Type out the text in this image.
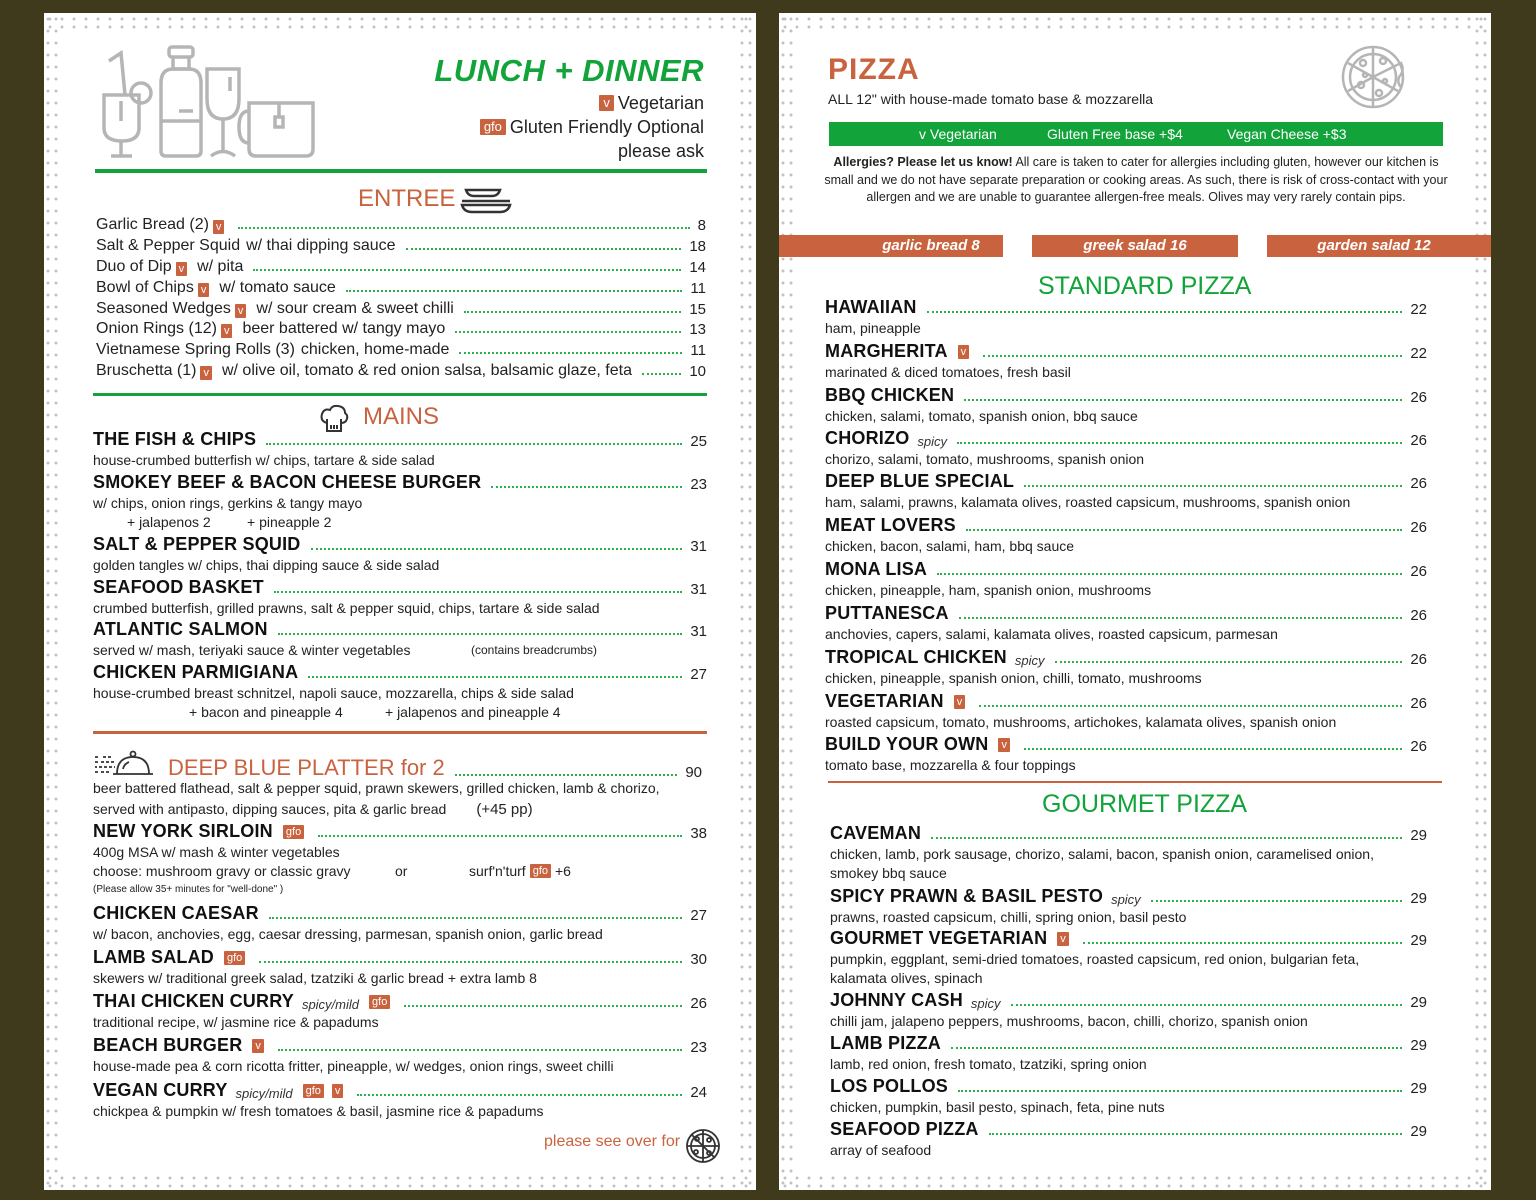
LUNCH + DINNER
v Vegetarian
gfo Gluten Friendly Optional
please ask
ENTREE
Garlic Bread (2) v	8
Salt & Pepper Squid w/ thai dipping sauce	18
Duo of Dip v w/ pita	14
Bowl of Chips v w/ tomato sauce	11
Seasoned Wedges v w/ sour cream & sweet chilli	15
Onion Rings (12) v beer battered w/ tangy mayo	13
Vietnamese Spring Rolls (3) chicken, home-made	11
Bruschetta (1) v w/ olive oil, tomato & red onion salsa, balsamic glaze, feta	10
MAINS
THE FISH & CHIPS	25
house-crumbed butterfish w/ chips, tartare & side salad
SMOKEY BEEF & BACON CHEESE BURGER	23
w/ chips, onion rings, gerkins & tangy mayo
+ jalapenos 2	+ pineapple 2
SALT & PEPPER SQUID	31
golden tangles w/ chips, thai dipping sauce & side salad
SEAFOOD BASKET	31
crumbed butterfish, grilled prawns, salt & pepper squid, chips, tartare & side salad
ATLANTIC SALMON	31
served w/ mash, teriyaki sauce & winter vegetables	(contains breadcrumbs)
CHICKEN PARMIGIANA	27
house-crumbed breast schnitzel, napoli sauce, mozzarella, chips & side salad
+ bacon and pineapple 4	+ jalapenos and pineapple 4
DEEP BLUE PLATTER for 2	90
beer battered flathead, salt & pepper squid, prawn skewers, grilled chicken, lamb & chorizo,
served with antipasto, dipping sauces, pita & garlic bread (+45 pp)
NEW YORK SIRLOIN	gfo	38
400g MSA w/ mash & winter vegetables
choose: mushroom gravy or classic gravy	or	surf'n'turf gfo +6
(Please allow 35+ minutes for "well-done" )
CHICKEN CAESAR	27
w/ bacon, anchovies, egg, caesar dressing, parmesan, spanish onion, garlic bread
LAMB SALAD	gfo	30
skewers w/ traditional greek salad, tzatziki & garlic bread + extra lamb 8
THAI CHICKEN CURRY spicy/mild	gfo	26
traditional recipe, w/ jasmine rice & papadums
BEACH BURGER	v	23
house-made pea & corn ricotta fritter, pineapple, w/ wedges, onion rings, sweet chilli
VEGAN CURRY spicy/mild	gfo v	24
chickpea & pumpkin w/ fresh tomatoes & basil, jasmine rice & papadums
please see over for
PIZZA
ALL 12" with house-made tomato base & mozzarella
v Vegetarian	Gluten Free base +$4	Vegan Cheese +$3
Allergies? Please let us know! All care is taken to cater for allergies including gluten, however our kitchen is small and we do not have separate preparation or cooking areas. As such, there is risk of cross-contact with your allergen and we are unable to guarantee allergen-free meals. Olives may very rarely contain pips.
garlic bread 8	greek salad 16	garden salad 12
STANDARD PIZZA
HAWAIIAN	22
ham, pineapple
MARGHERITA	v	22
marinated & diced tomatoes, fresh basil
BBQ CHICKEN	26
chicken, salami, tomato, spanish onion, bbq sauce
CHORIZO spicy	26
chorizo, salami, tomato, mushrooms, spanish onion
DEEP BLUE SPECIAL	26
ham, salami, prawns, kalamata olives, roasted capsicum, mushrooms, spanish onion
MEAT LOVERS	26
chicken, bacon, salami, ham, bbq sauce
MONA LISA	26
chicken, pineapple, ham, spanish onion, mushrooms
PUTTANESCA	26
anchovies, capers, salami, kalamata olives, roasted capsicum, parmesan
TROPICAL CHICKEN spicy	26
chicken, pineapple, spanish onion, chilli, tomato, mushrooms
VEGETARIAN	v	26
roasted capsicum, tomato, mushrooms, artichokes, kalamata olives, spanish onion
BUILD YOUR OWN	v	26
tomato base, mozzarella & four toppings
GOURMET PIZZA
CAVEMAN	29
chicken, lamb, pork sausage, chorizo, salami, bacon, spanish onion, caramelised onion,
smokey bbq sauce
SPICY PRAWN & BASIL PESTO spicy	29
prawns, roasted capsicum, chilli, spring onion, basil pesto
GOURMET VEGETARIAN	v	29
pumpkin, eggplant, semi-dried tomatoes, roasted capsicum, red onion, bulgarian feta,
kalamata olives, spinach
JOHNNY CASH spicy	29
chilli jam, jalapeno peppers, mushrooms, bacon, chilli, chorizo, spanish onion
LAMB PIZZA	29
lamb, red onion, fresh tomato, tzatziki, spring onion
LOS POLLOS	29
chicken, pumpkin, basil pesto, spinach, feta, pine nuts
SEAFOOD PIZZA	29
array of seafood
